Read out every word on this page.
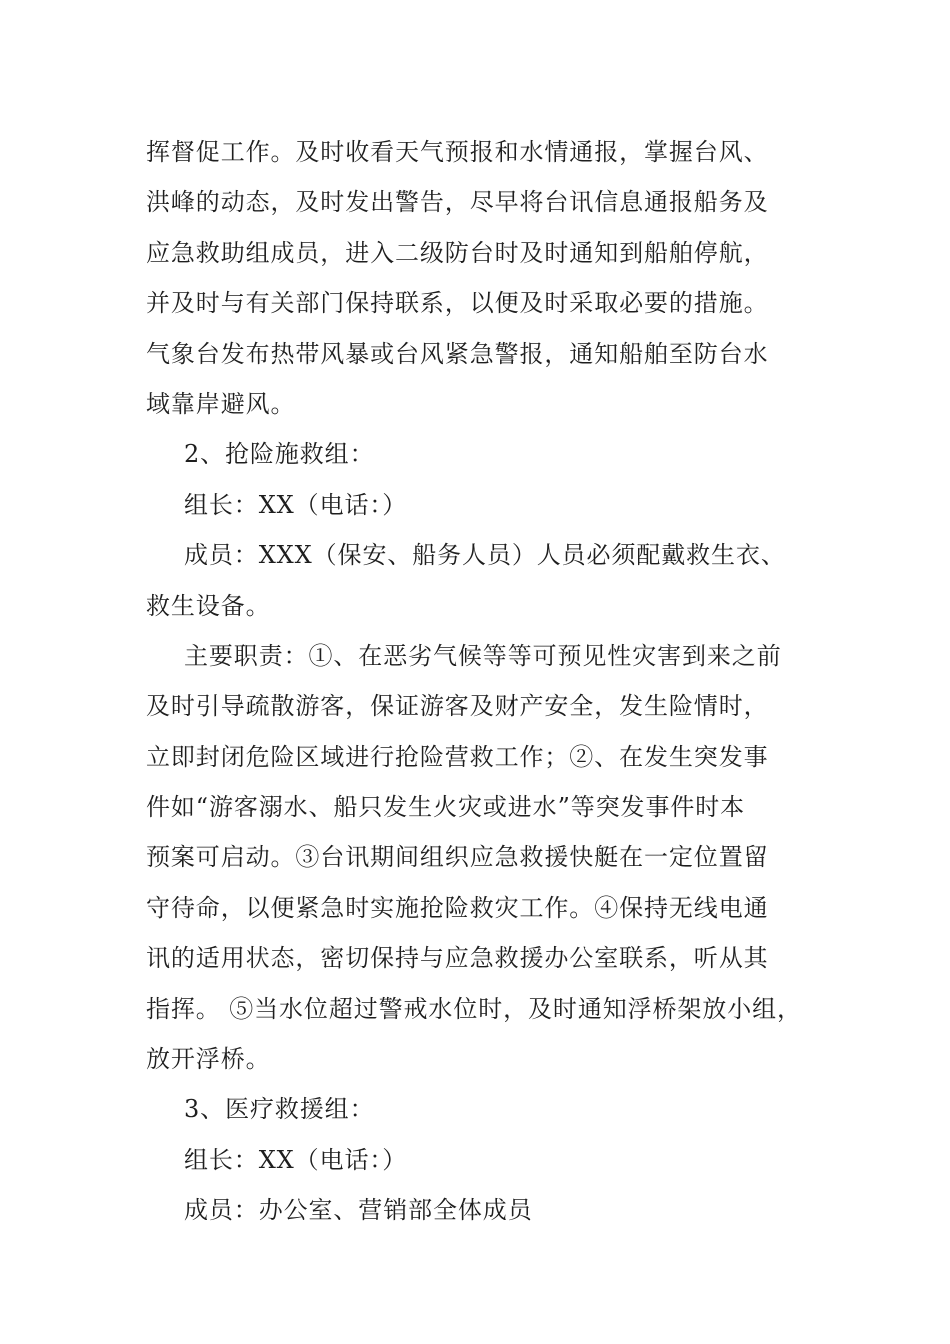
挥督促工作。及时收看天气预报和水情通报，掌握台风、
洪峰的动态，及时发出警告，尽早将台讯信息通报船务及
应急救助组成员，进入二级防台时及时通知到船舶停航，
并及时与有关部门保持联系，以便及时采取必要的措施。
气象台发布热带风暴或台风紧急警报，通知船舶至防台水
域靠岸避风。
2、抢险施救组：
组长：XX（电话：）
成员：XXX（保安、船务人员）人员必须配戴救生衣、
救生设备。
主要职责：①、在恶劣气候等等可预见性灾害到来之前
及时引导疏散游客，保证游客及财产安全，发生险情时，
立即封闭危险区域进行抢险营救工作；②、在发生突发事
件如“游客溺水、船只发生火灾或进水”等突发事件时本
预案可启动。③台讯期间组织应急救援快艇在一定位置留
守待命，以便紧急时实施抢险救灾工作。④保持无线电通
讯的适用状态，密切保持与应急救援办公室联系，听从其
指挥。 ⑤当水位超过警戒水位时，及时通知浮桥架放小组，
放开浮桥。
3、医疗救援组：
组长：XX（电话：）
成员：办公室、营销部全体成员
